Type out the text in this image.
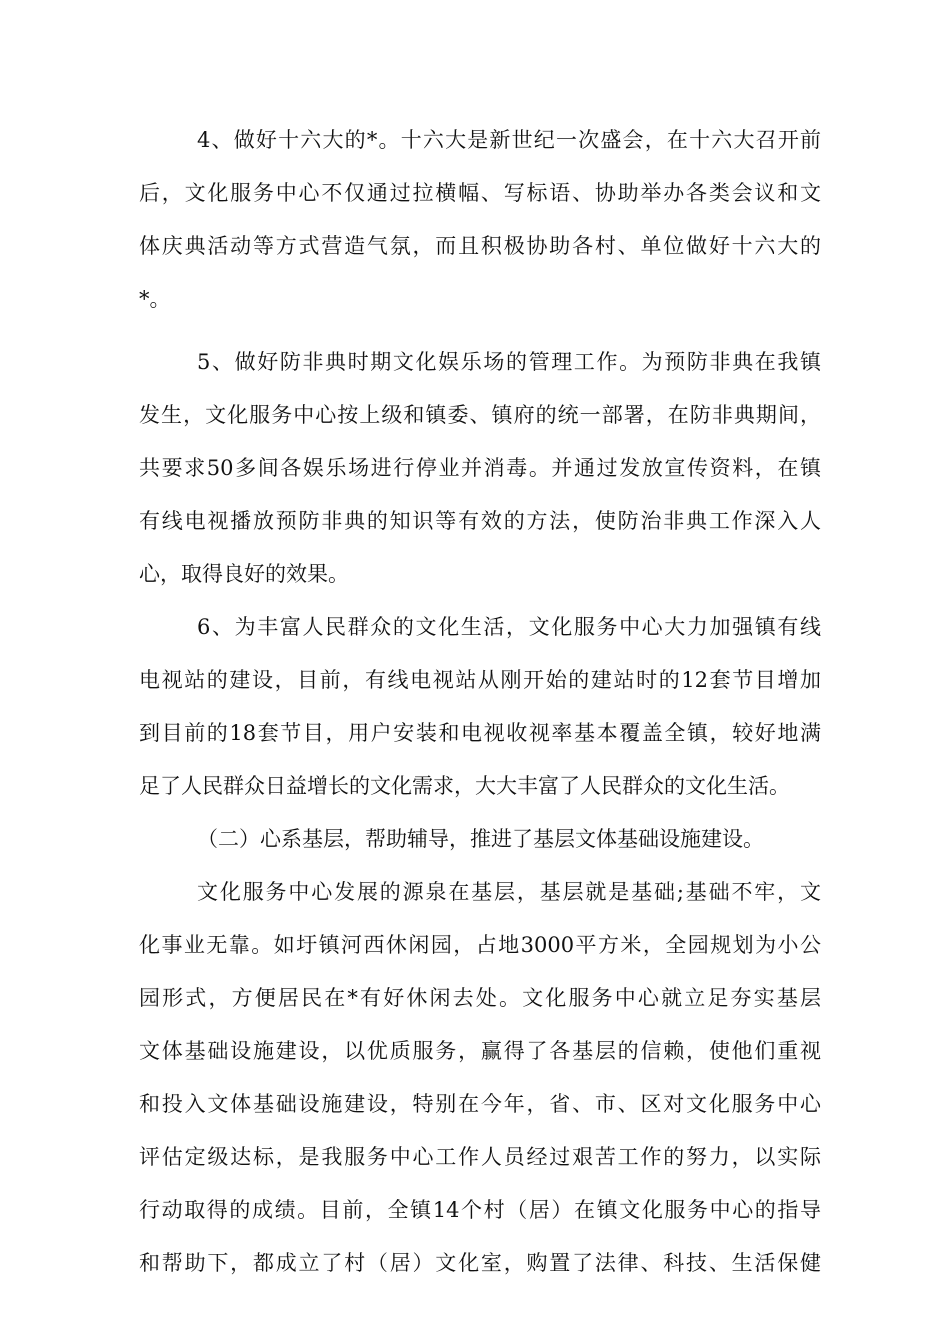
4、做好十六大的*。十六大是新世纪一次盛会，在十六大召开前
后，文化服务中心不仅通过拉横幅、写标语、协助举办各类会议和文
体庆典活动等方式营造气氛，而且积极协助各村、单位做好十六大的
*。
5、做好防非典时期文化娱乐场的管理工作。为预防非典在我镇
发生，文化服务中心按上级和镇委、镇府的统一部署，在防非典期间，
共要求50多间各娱乐场进行停业并消毒。并通过发放宣传资料，在镇
有线电视播放预防非典的知识等有效的方法，使防治非典工作深入人
心，取得良好的效果。
6、为丰富人民群众的文化生活，文化服务中心大力加强镇有线
电视站的建设，目前，有线电视站从刚开始的建站时的12套节目增加
到目前的18套节目，用户安装和电视收视率基本覆盖全镇，较好地满
足了人民群众日益增长的文化需求，大大丰富了人民群众的文化生活。
（二）心系基层，帮助辅导，推进了基层文体基础设施建设。
文化服务中心发展的源泉在基层，基层就是基础;基础不牢，文
化事业无靠。如圩镇河西休闲园，占地3000平方米，全园规划为小公
园形式，方便居民在*有好休闲去处。文化服务中心就立足夯实基层
文体基础设施建设，以优质服务，赢得了各基层的信赖，使他们重视
和投入文体基础设施建设，特别在今年，省、市、区对文化服务中心
评估定级达标，是我服务中心工作人员经过艰苦工作的努力，以实际
行动取得的成绩。目前，全镇14个村（居）在镇文化服务中心的指导
和帮助下，都成立了村（居）文化室，购置了法律、科技、生活保健
